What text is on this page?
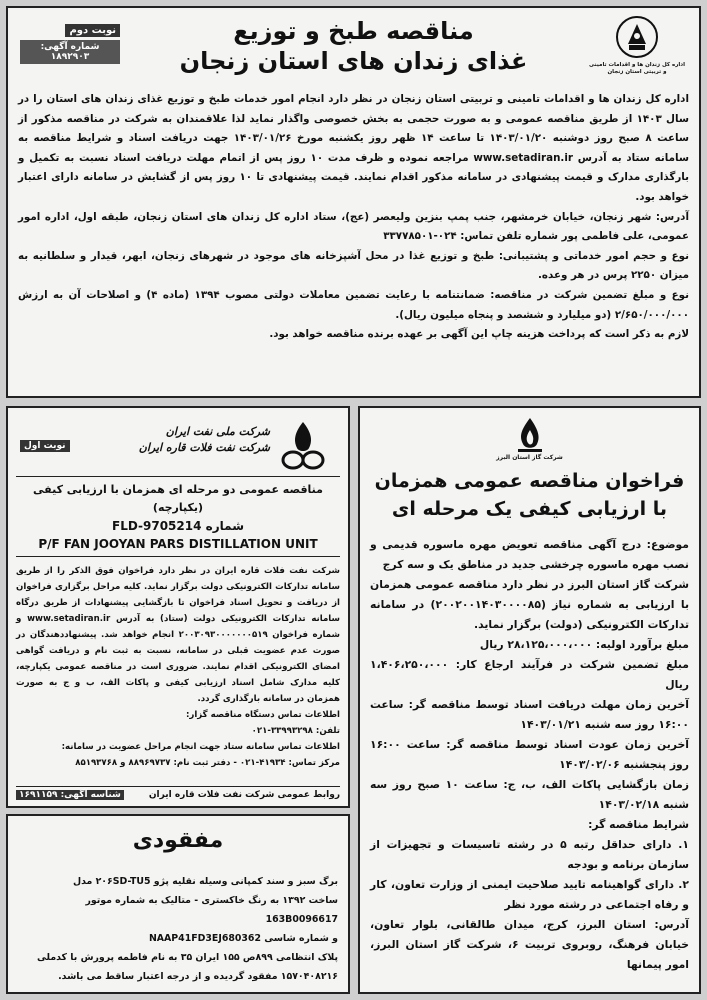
اداره کل زندان ها و اقدامات تامینی و تربیتی استان زنجان
نوبت دوم
شماره آگهی: ۱۸۹۲۹۰۳
مناقصه طبخ و توزیع
غذای زندان های استان زنجان

اداره کل زندان ها و اقدامات تامینی و تربیتی استان زنجان در نظر دارد انجام امور خدمات طبخ و توزیع غذای زندان های استان را در سال ۱۴۰۳ از طریق مناقصه عمومی و به صورت حجمی به بخش خصوصی واگذار نماید لذا علاقمندان به شرکت در مناقصه مذکور از ساعت ۸ صبح روز دوشنبه ۱۴۰۳/۰۱/۲۰ تا ساعت ۱۴ ظهر روز یکشنبه مورخ ۱۴۰۳/۰۱/۲۶ جهت دریافت اسناد و شرایط مناقصه به سامانه ستاد به آدرس www.setadiran.ir مراجعه نموده و ظرف مدت ۱۰ روز پس از اتمام مهلت دریافت اسناد نسبت به تکمیل و بارگذاری مدارک و قیمت پیشنهادی در سامانه مذکور اقدام نمایند. قیمت پیشنهادی تا ۱۰ روز پس از گشایش در سامانه دارای اعتبار خواهد بود.

آدرس: شهر زنجان، خیابان خرمشهر، جنب پمپ بنزین ولیعصر (عج)، ستاد اداره کل زندان های استان زنجان، طبقه اول، اداره امور عمومی، علی فاطمی پور شماره تلفن تماس: ۰۲۴-۳۳۷۷۸۵۰۱

نوع و حجم امور خدماتی و پشتیبانی: طبخ و توزیع غذا در محل آشپزخانه های موجود در شهرهای زنجان، ابهر، قیدار و سلطانیه به میزان ۲۲۵۰ پرس در هر وعده.

نوع و مبلغ تضمین شرکت در مناقصه: ضمانتنامه با رعایت تضمین معاملات دولتی مصوب ۱۳۹۴ (ماده ۴) و اصلاحات آن به ارزش ۲/۶۵۰/۰۰۰/۰۰۰ (دو میلیارد و ششصد و پنجاه میلیون ریال).

لازم به ذکر است که پرداخت هزینه چاپ این آگهی بر عهده برنده مناقصه خواهد بود.

شرکت گاز استان البرز
فراخوان مناقصه عمومی همزمان
با ارزیابی کیفی یک مرحله ای

موضوع: درج آگهی مناقصه تعویض مهره ماسوره قدیمی و نصب مهره ماسوره چرخشی جدید در مناطق یک و سه کرج

شرکت گاز استان البرز در نظر دارد مناقصه عمومی همزمان با ارزیابی به شماره نیاز (۲۰۰۲۰۰۱۴۰۳۰۰۰۰۸۵) در سامانه تدارکات الکترونیکی (دولت) برگزار نماید.

مبلغ برآورد اولیه: ۲۸،۱۲۵،۰۰۰،۰۰۰ ریال

مبلغ تضمین شرکت در فرآیند ارجاع کار: ۱،۴۰۶،۲۵۰،۰۰۰ ریال

آخرین زمان مهلت دریافت اسناد توسط مناقصه گر: ساعت ۱۶:۰۰ روز سه شنبه ۱۴۰۳/۰۱/۲۱

آخرین زمان عودت اسناد توسط مناقصه گر: ساعت ۱۶:۰۰ روز پنجشنبه ۱۴۰۳/۰۲/۰۶

زمان بازگشایی پاکات الف، ب، ج: ساعت ۱۰ صبح روز سه شنبه ۱۴۰۳/۰۲/۱۸

شرایط مناقصه گر:

۱. دارای حداقل رتبه ۵ در رشته تاسیسات و تجهیزات از سازمان برنامه و بودجه

۲. دارای گواهینامه تایید صلاحیت ایمنی از وزارت تعاون، کار و رفاه اجتماعی در رشته مورد نظر

آدرس: استان البرز، کرج، میدان طالقانی، بلوار تعاون، خیابان فرهنگ، روبروی تربیت ۶، شرکت گاز استان البرز، امور پیمانها

نوبت اول
شرکت ملی نفت ایران
شرکت نفت فلات قاره ایران
مناقصه عمومی دو مرحله ای همزمان با ارزیابی کیفی (یکپارچه)
شماره FLD-9705214
P/F FAN JOOYAN PARS DISTILLATION UNIT

شرکت نفت فلات قاره ایران در نظر دارد فراخوان فوق الذکر را از طریق سامانه تدارکات الکترونیکی دولت برگزار نماید. کلیه مراحل برگزاری فراخوان از دریافت و تحویل اسناد فراخوان تا بازگشایی پیشنهادات از طریق درگاه سامانه تدارکات الکترونیکی دولت (ستاد) به آدرس www.setadiran.ir و شماره فراخوان ۲۰۰۳۰۹۳۰۰۰۰۰۰۰۵۱۹ انجام خواهد شد. پیشنهاددهندگان در صورت عدم عضویت قبلی در سامانه، نسبت به ثبت نام و دریافت گواهی امضای الکترونیکی اقدام نمایند. ضروری است در مناقصه عمومی یکپارچه، کلیه مدارک شامل اسناد ارزیابی کیفی و پاکات الف، ب و ج به صورت همزمان در سامانه بارگذاری گردد.

اطلاعات تماس دستگاه مناقصه گزار:

تلفن: ۳۳۹۹۳۲۹۸-۰۲۱

اطلاعات تماس سامانه ستاد جهت انجام مراحل عضویت در سامانه:

مرکز تماس: ۴۱۹۳۴-۰۲۱ - دفتر ثبت نام: ۸۸۹۶۹۷۳۷ و ۸۵۱۹۳۷۶۸

روابط عمومی شرکت نفت فلات قاره ایران
شناسه آگهی: ۱۶۹۱۱۵۹
مفقودی
برگ سبز و سند کمپانی وسیله نقلیه پژو ۲۰۶SD-TU5 مدل
ساخت ۱۳۹۲ به رنگ خاکستری - متالیک به شماره موتور 163B0096617
و شماره شاسی NAAP41FD3EJ680362
پلاک انتظامی ۸۹۹ص ۱۵۵ ایران ۳۵ به نام فاطمه پرورش با کدملی
۱۵۷۰۴۰۸۲۱۶ مفقود گردیده و از درجه اعتبار ساقط می باشد.
